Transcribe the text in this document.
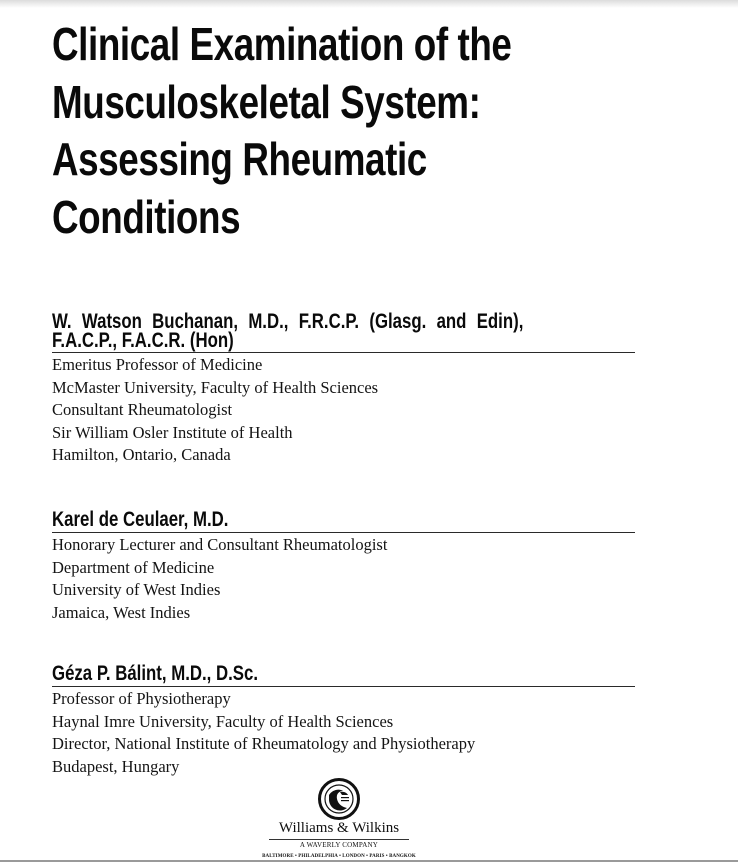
Clinical Examination of the
Musculoskeletal System:
Assessing Rheumatic
Conditions
W. Watson Buchanan, M.D., F.R.C.P. (Glasg. and Edin),
F.A.C.P., F.A.C.R. (Hon)
Emeritus Professor of Medicine
McMaster University, Faculty of Health Sciences
Consultant Rheumatologist
Sir William Osler Institute of Health
Hamilton, Ontario, Canada
Karel de Ceulaer, M.D.
Honorary Lecturer and Consultant Rheumatologist
Department of Medicine
University of West Indies
Jamaica, West Indies
Géza P. Bálint, M.D., D.Sc.
Professor of Physiotherapy
Haynal Imre University, Faculty of Health Sciences
Director, National Institute of Rheumatology and Physiotherapy
Budapest, Hungary
Williams & Wilkins
A WAVERLY COMPANY
BALTIMORE • PHILADELPHIA • LONDON • PARIS • BANGKOK
